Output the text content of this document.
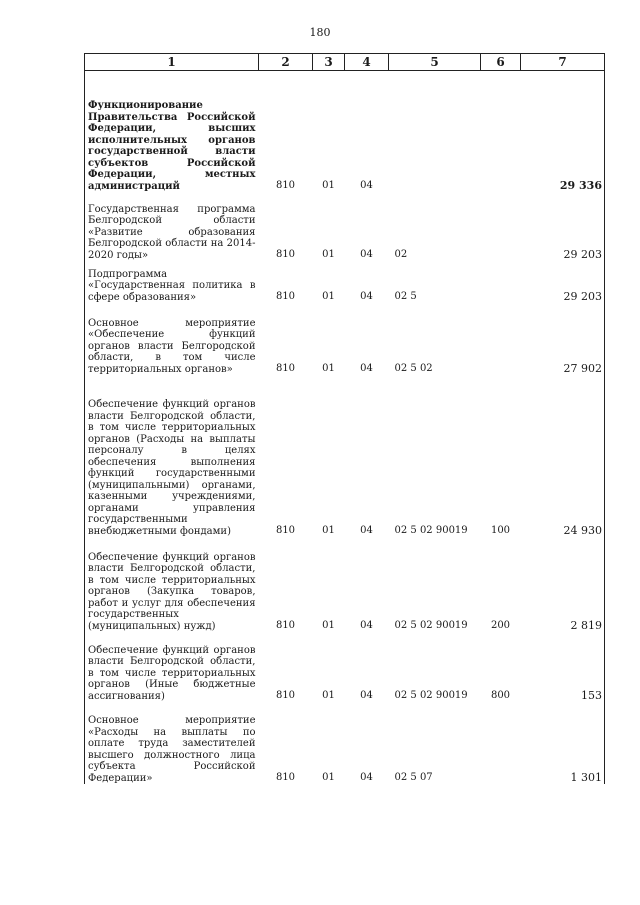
180
1	2	3	4	5	6	7

Функционирование Правительства Российской Федерации, высших исполнительных органов государственной власти субъектов Российской Федерации, местных администраций	810	01	04			29 336

Государственная программа Белгородской области «Развитие образования Белгородской области на 2014-2020 годы»	810	01	04	02		29 203

Подпрограмма «Государственная политика в сфере образования»	810	01	04	02 5		29 203

Основное мероприятие «Обеспечение функций органов власти Белгородской области, в том числе территориальных органов»	810	01	04	02 5 02		27 902

Обеспечение функций органов власти Белгородской области, в том числе территориальных органов (Расходы на выплаты персоналу в целях обеспечения выполнения функций государственными (муниципальными) органами, казенными учреждениями, органами управления государственными внебюджетными фондами)	810	01	04	02 5 02 90019	100	24 930

Обеспечение функций органов власти Белгородской области, в том числе территориальных органов (Закупка товаров, работ и услуг для обеспечения государственных (муниципальных) нужд)	810	01	04	02 5 02 90019	200	2 819

Обеспечение функций органов власти Белгородской области, в том числе территориальных органов (Иные бюджетные ассигнования)	810	01	04	02 5 02 90019	800	153

Основное мероприятие «Расходы на выплаты по оплате труда заместителей высшего должностного лица субъекта Российской Федерации»	810	01	04	02 5 07		1 301
